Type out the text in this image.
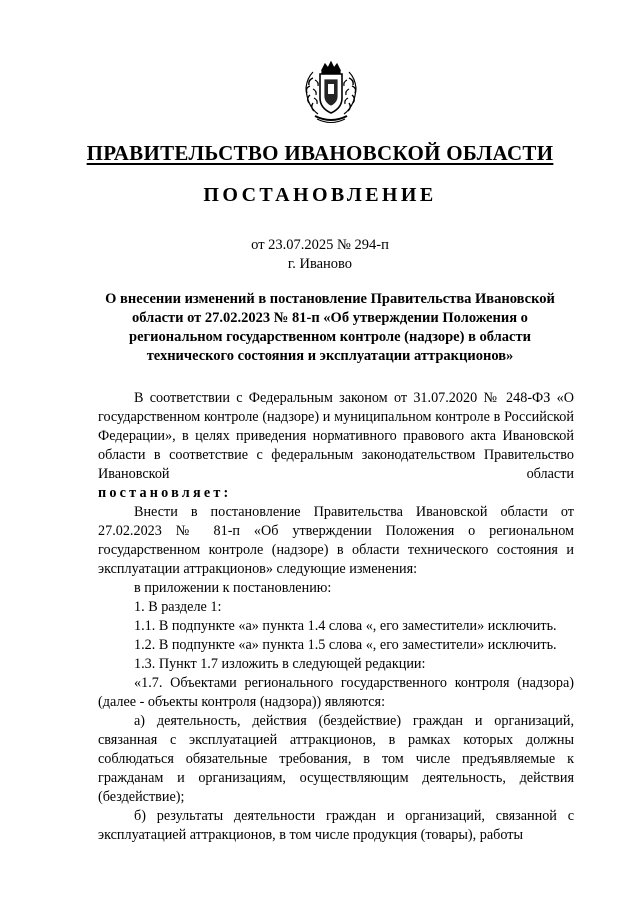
ПРАВИТЕЛЬСТВО ИВАНОВСКОЙ ОБЛАСТИ
ПОСТАНОВЛЕНИЕ
от 23.07.2025 № 294-п
г. Иваново
О внесении изменений в постановление Правительства Ивановской области от 27.02.2023 № 81-п «Об утверждении Положения о региональном государственном контроле (надзоре) в области технического состояния и эксплуатации аттракционов»

В соответствии с Федеральным законом от 31.07.2020 № 248-ФЗ «О государственном контроле (надзоре) и муниципальном контроле в Российской Федерации», в целях приведения нормативного правового акта Ивановской области в соответствие с федеральным законодательством Правительство Ивановской области

постановляет:

Внести в постановление Правительства Ивановской области от 27.02.2023 № 81-п «Об утверждении Положения о региональном государственном контроле (надзоре) в области технического состояния и эксплуатации аттракционов» следующие изменения:

в приложении к постановлению:

1. В разделе 1:

1.1. В подпункте «а» пункта 1.4 слова «, его заместители» исключить.

1.2. В подпункте «а» пункта 1.5 слова «, его заместители» исключить.

1.3. Пункт 1.7 изложить в следующей редакции:

«1.7. Объектами регионального государственного контроля (надзора) (далее - объекты контроля (надзора)) являются:

а) деятельность, действия (бездействие) граждан и организаций, связанная с эксплуатацией аттракционов, в рамках которых должны соблюдаться обязательные требования, в том числе предъявляемые к гражданам и организациям, осуществляющим деятельность, действия (бездействие);

б) результаты деятельности граждан и организаций, связанной с эксплуатацией аттракционов, в том числе продукция (товары), работы
